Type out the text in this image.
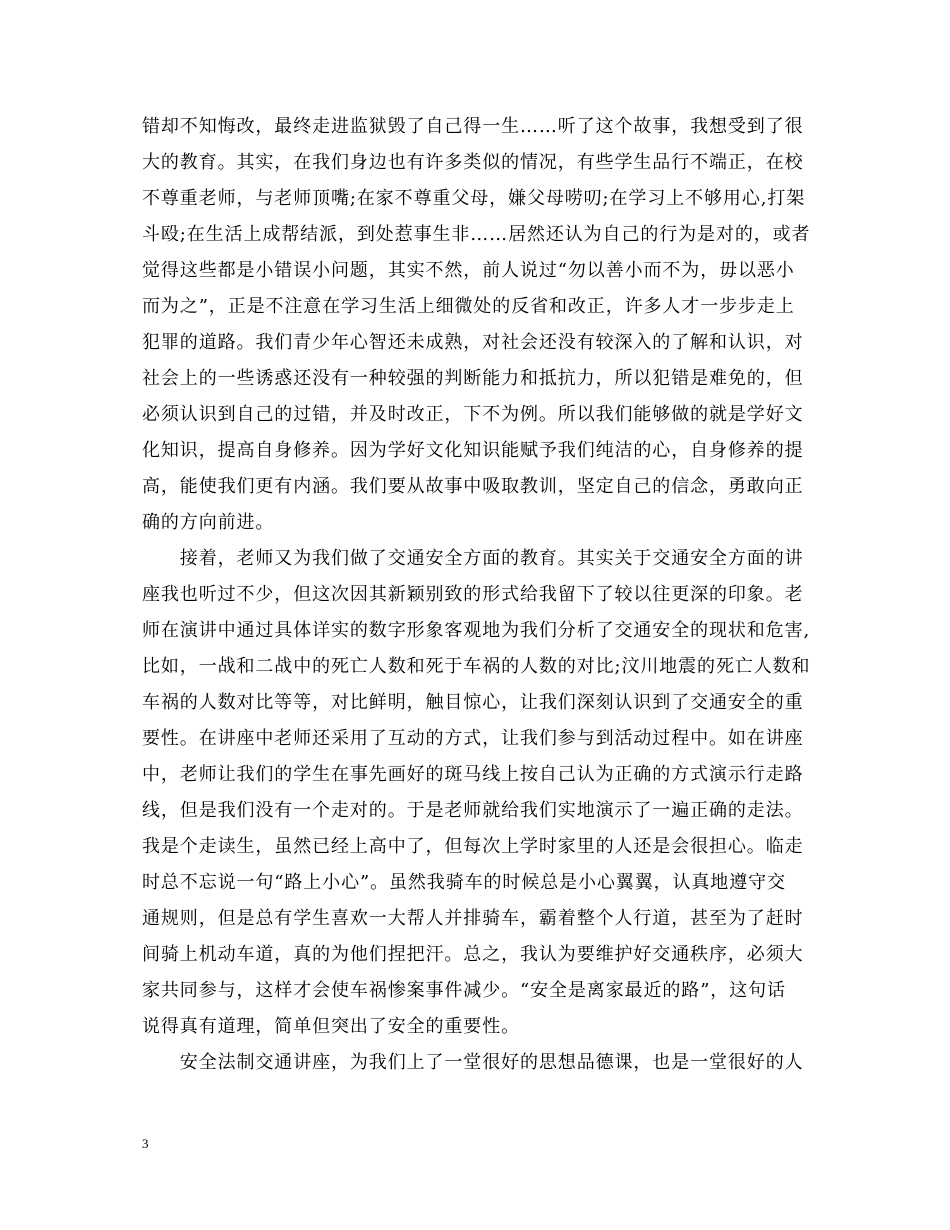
错却不知悔改，最终走进监狱毁了自己得一生……听了这个故事，我想受到了很
大的教育。其实，在我们身边也有许多类似的情况，有些学生品行不端正，在校
不尊重老师，与老师顶嘴;在家不尊重父母，嫌父母唠叨;在学习上不够用心,打架
斗殴;在生活上成帮结派，到处惹事生非……居然还认为自己的行为是对的，或者
觉得这些都是小错误小问题，其实不然，前人说过“勿以善小而不为，毋以恶小
而为之”，正是不注意在学习生活上细微处的反省和改正，许多人才一步步走上
犯罪的道路。我们青少年心智还未成熟，对社会还没有较深入的了解和认识，对
社会上的一些诱惑还没有一种较强的判断能力和抵抗力，所以犯错是难免的，但
必须认识到自己的过错，并及时改正，下不为例。所以我们能够做的就是学好文
化知识，提高自身修养。因为学好文化知识能赋予我们纯洁的心，自身修养的提
高，能使我们更有内涵。我们要从故事中吸取教训，坚定自己的信念，勇敢向正
确的方向前进。
　　接着，老师又为我们做了交通安全方面的教育。其实关于交通安全方面的讲
座我也听过不少，但这次因其新颖别致的形式给我留下了较以往更深的印象。老
师在演讲中通过具体详实的数字形象客观地为我们分析了交通安全的现状和危害,
比如，一战和二战中的死亡人数和死于车祸的人数的对比;汶川地震的死亡人数和
车祸的人数对比等等，对比鲜明，触目惊心，让我们深刻认识到了交通安全的重
要性。在讲座中老师还采用了互动的方式，让我们参与到活动过程中。如在讲座
中，老师让我们的学生在事先画好的斑马线上按自己认为正确的方式演示行走路
线，但是我们没有一个走对的。于是老师就给我们实地演示了一遍正确的走法。
我是个走读生，虽然已经上高中了，但每次上学时家里的人还是会很担心。临走
时总不忘说一句“路上小心”。虽然我骑车的时候总是小心翼翼，认真地遵守交
通规则，但是总有学生喜欢一大帮人并排骑车，霸着整个人行道，甚至为了赶时
间骑上机动车道，真的为他们捏把汗。总之，我认为要维护好交通秩序，必须大
家共同参与，这样才会使车祸惨案事件减少。“安全是离家最近的路”，这句话
说得真有道理，简单但突出了安全的重要性。
　　安全法制交通讲座，为我们上了一堂很好的思想品德课，也是一堂很好的人
3
